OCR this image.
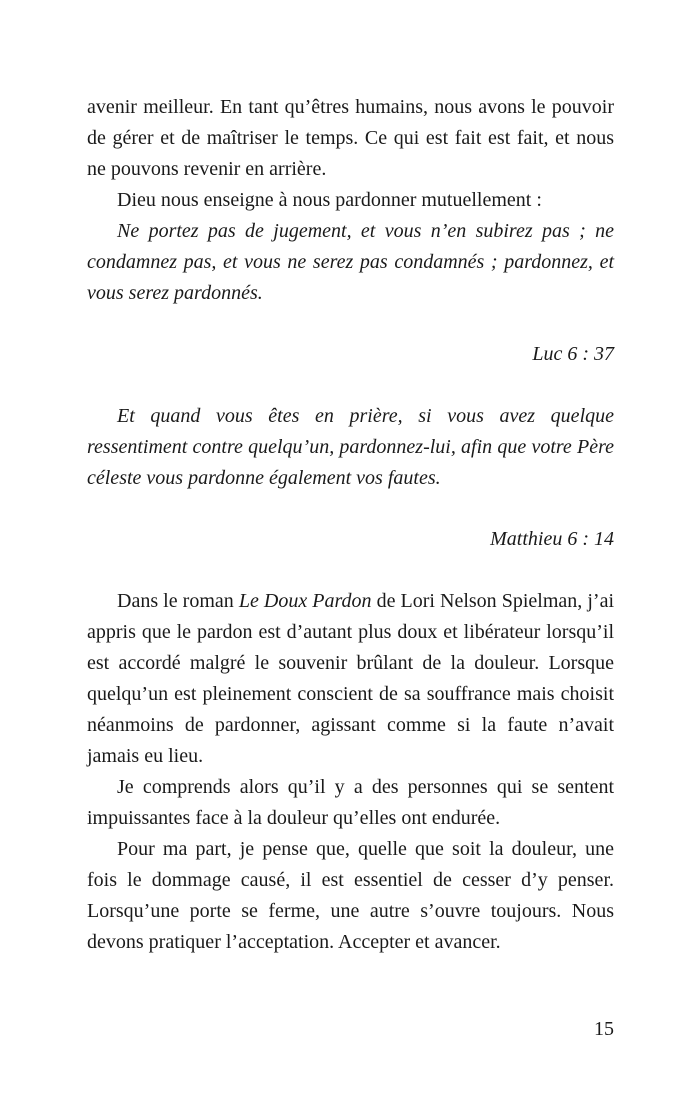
avenir meilleur. En tant qu’êtres humains, nous avons le pouvoir de gérer et de maîtriser le temps. Ce qui est fait est fait, et nous ne pouvons revenir en arrière.

Dieu nous enseigne à nous pardonner mutuellement :

Ne portez pas de jugement, et vous n’en subirez pas ; ne condamnez pas, et vous ne serez pas condamnés ; pardonnez, et vous serez pardonnés.

Luc 6 : 37

Et quand vous êtes en prière, si vous avez quelque ressentiment contre quelqu’un, pardonnez-lui, afin que votre Père céleste vous pardonne également vos fautes.

Matthieu 6 : 14

Dans le roman Le Doux Pardon de Lori Nelson Spielman, j’ai appris que le pardon est d’autant plus doux et libérateur lorsqu’il est accordé malgré le souvenir brûlant de la douleur. Lorsque quelqu’un est pleinement conscient de sa souffrance mais choisit néanmoins de pardonner, agissant comme si la faute n’avait jamais eu lieu.

Je comprends alors qu’il y a des personnes qui se sentent impuissantes face à la douleur qu’elles ont endurée.

Pour ma part, je pense que, quelle que soit la douleur, une fois le dommage causé, il est essentiel de cesser d’y penser. Lorsqu’une porte se ferme, une autre s’ouvre toujours. Nous devons pratiquer l’acceptation. Accepter et avancer.

15
